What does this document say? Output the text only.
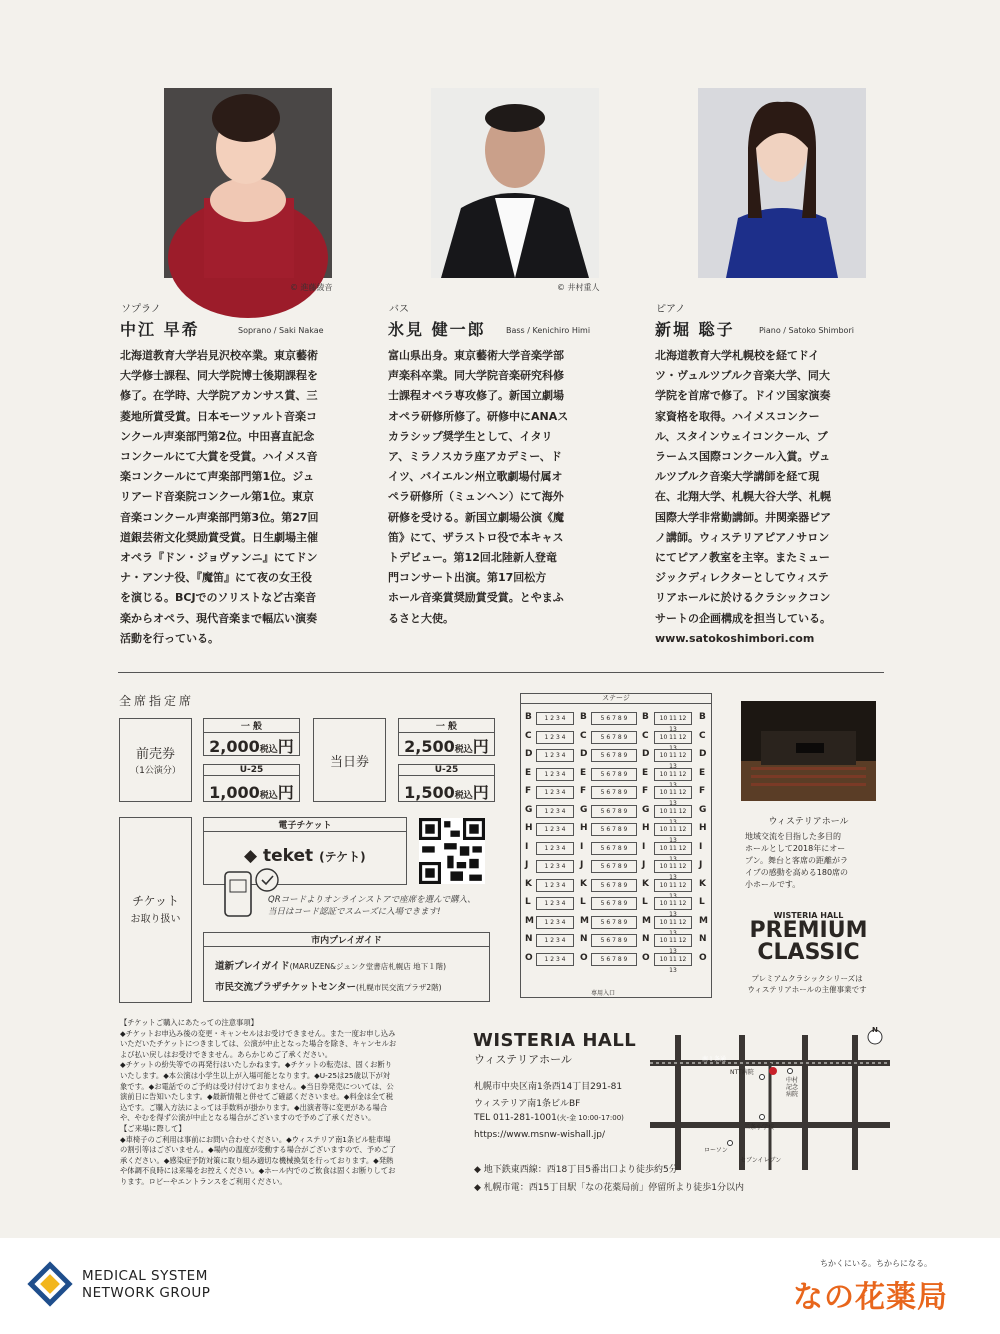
© 進藤綾音	© 井村重人
ソプラノ
中江 早希	Soprano / Saki Nakae
北海道教育大学岩見沢校卒業。東京藝術
大学修士課程、同大学院博士後期課程を
修了。在学時、大学院アカンサス賞、三
菱地所賞受賞。日本モーツァルト音楽コ
ンクール声楽部門第2位。中田喜直記念
コンクールにて大賞を受賞。ハイメス音
楽コンクールにて声楽部門第1位。ジュ
リアード音楽院コンクール第1位。東京
音楽コンクール声楽部門第3位。第27回
道銀芸術文化奨励賞受賞。日生劇場主催
オペラ『ドン・ジョヴァンニ』にてドン
ナ・アンナ役、『魔笛』にて夜の女王役
を演じる。BCJでのソリストなど古楽音
楽からオペラ、現代音楽まで幅広い演奏
活動を行っている。
バス
氷見 健一郎	Bass / Kenichiro Himi
富山県出身。東京藝術大学音楽学部
声楽科卒業。同大学院音楽研究科修
士課程オペラ専攻修了。新国立劇場
オペラ研修所修了。研修中にANAス
カラシップ奨学生として、イタリ
ア、ミラノスカラ座アカデミー、ド
イツ、バイエルン州立歌劇場付属オ
ペラ研修所（ミュンヘン）にて海外
研修を受ける。新国立劇場公演《魔
笛》にて、ザラストロ役で本キャス
トデビュー。第12回北陸新人登竜
門コンサート出演。第17回松方
ホール音楽賞奨励賞受賞。とやまふ
るさと大使。
ピアノ
新堀 聡子	Piano / Satoko Shimbori
北海道教育大学札幌校を経てドイ
ツ・ヴュルツブルク音楽大学、同大
学院を首席で修了。ドイツ国家演奏
家資格を取得。ハイメスコンクー
ル、スタインウェイコンクール、ブ
ラームス国際コンクール入賞。ヴュ
ルツブルク音楽大学講師を経て現
在、北翔大学、札幌大谷大学、札幌
国際大学非常勤講師。井関楽器ピア
ノ講師。ウィステリアピアノサロン
にてピアノ教室を主宰。またミュー
ジックディレクターとしてウィステ
リアホールに於けるクラシックコン
サートの企画構成を担当している。
www.satokoshimbori.com
全席指定席
前売券
（1公演分）
一 般
2,000税込円
U-25
1,000税込円
当日券
一 般
2,500税込円
U-25
1,500税込円
チケット
お取り扱い
電子チケット
◆ teket (テケト)
QRコードよりオンラインストアで座席を選んで購入、
当日はコード認証でスムーズに入場できます!
市内プレイガイド
道新プレイガイド(MARUZEN&ジュンク堂書店札幌店 地下１階)
市民交流プラザチケットセンター(札幌市民交流プラザ2階)
ステージ
B	1 2 3 4	B	5 6 7 8 9	B	10 11 12 13
B
C	1 2 3 4	C	5 6 7 8 9	C	10 11 12 13
C
D	1 2 3 4	D	5 6 7 8 9	D	10 11 12 13
D
E	1 2 3 4	E	5 6 7 8 9	E	10 11 12 13
E
F	1 2 3 4	F	5 6 7 8 9	F	10 11 12 13
F
G	1 2 3 4	G	5 6 7 8 9	G	10 11 12 13
G
H	1 2 3 4	H	5 6 7 8 9	H	10 11 12 13
H
I	1 2 3 4	I	5 6 7 8 9	I	10 11 12 13
I
J	1 2 3 4	J	5 6 7 8 9	J	10 11 12 13
J
K	1 2 3 4	K	5 6 7 8 9	K	10 11 12 13
K
L	1 2 3 4	L	5 6 7 8 9	L	10 11 12 13
L
M	1 2 3 4	M	5 6 7 8 9	M	10 11 12 13
M
N	1 2 3 4	N	5 6 7 8 9	N	10 11 12 13
N
O	1 2 3 4	O	5 6 7 8 9	O	10 11 12 13
O
専用入口
ウィステリアホール
地域交流を目指した多目的
ホールとして2018年にオー
プン。舞台と客席の距離がラ
イブの感動を高める180席の
小ホールです。
WISTERIA HALL
PREMIUM
CLASSIC
プレミアムクラシックシリーズは
ウィステリアホールの主催事業です
【チケットご購入にあたっての注意事項】
◆チケットお申込み後の変更・キャンセルはお受けできません。また一度お申し込み
いただいたチケットにつきましては、公演が中止となった場合を除き、キャンセルお
よび払い戻しはお受けできません。あらかじめご了承ください。
◆チケットの紛失等での再発行はいたしかねます。◆チケットの転売は、固くお断り
いたします。◆本公演は小学生以上が入場可能となります。◆U-25は25歳以下が対
象です。◆お電話でのご予約は受け付けておりません。◆当日券発売については、公
演前日に告知いたします。◆最新情報と併せてご確認くださいませ。◆料金は全て税
込です。ご購入方法によっては手数料が掛かります。◆出演者等に変更がある場合
や、やむを得ず公演が中止となる場合がございますので予めご了承ください。
【ご来場に際して】
◆車椅子のご利用は事前にお問い合わせください。◆ウィステリア南1条ビル駐車場
の割引等はございません。◆場内の温度が変動する場合がございますので、予めご了
承ください。◆感染症予防対策に取り組み適切な機械換気を行っております。◆発熱
や体調不良時には来場をお控えください。◆ホール内でのご飲食は固くお断りしてお
ります。ロビーやエントランスをご利用ください。
WISTERIA HALL
ウィステリアホール
札幌市中央区南1条西14丁目291-81
ウィステリア南1条ビルBF
TEL 011-281-1001(火-金 10:00-17:00)
https://www.msnw-wishall.jp/
◆ 地下鉄東西線：西18丁目5番出口より徒歩約5分
◆ 札幌市電：西15丁目駅「なの花薬局前」停留所より徒歩1分以内
南１条通
NTT病院
中村
記念
病院
二条小学校
ローソン
セブンイレブン
N
MEDICAL SYSTEM
NETWORK GROUP
ちかくにいる。ちからになる。
なの花薬局
